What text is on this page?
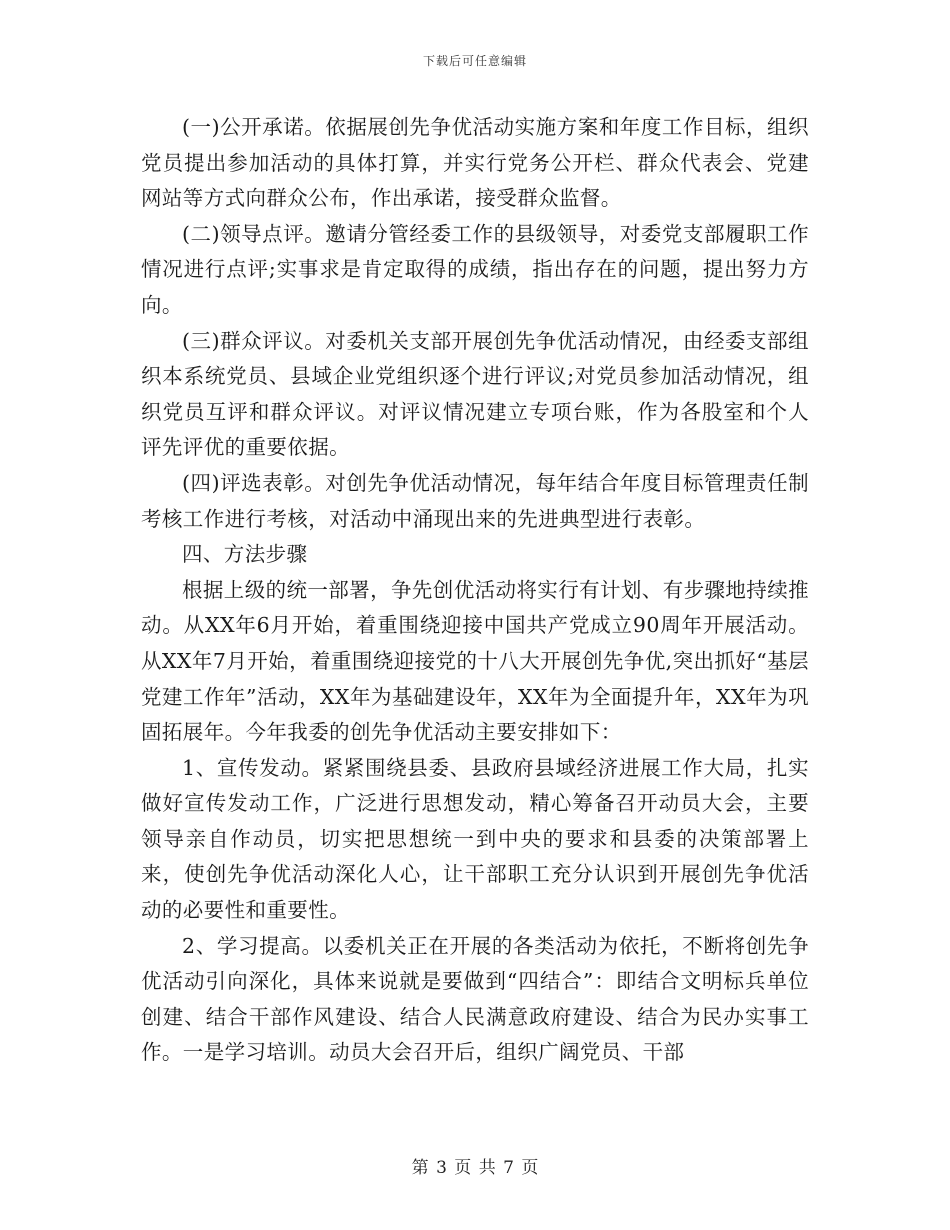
下载后可任意编辑

(一)公开承诺。依据展创先争优活动实施方案和年度工作目标，组织党员提出参加活动的具体打算，并实行党务公开栏、群众代表会、党建网站等方式向群众公布，作出承诺，接受群众监督。

(二)领导点评。邀请分管经委工作的县级领导，对委党支部履职工作情况进行点评;实事求是肯定取得的成绩，指出存在的问题，提出努力方向。

(三)群众评议。对委机关支部开展创先争优活动情况，由经委支部组织本系统党员、县域企业党组织逐个进行评议;对党员参加活动情况，组织党员互评和群众评议。对评议情况建立专项台账，作为各股室和个人评先评优的重要依据。

(四)评选表彰。对创先争优活动情况，每年结合年度目标管理责任制考核工作进行考核，对活动中涌现出来的先进典型进行表彰。

四、方法步骤

根据上级的统一部署，争先创优活动将实行有计划、有步骤地持续推动。从XX年6月开始，着重围绕迎接中国共产党成立90周年开展活动。从XX年7月开始，着重围绕迎接党的十八大开展创先争优,突出抓好“基层党建工作年”活动，XX年为基础建设年，XX年为全面提升年，XX年为巩固拓展年。今年我委的创先争优活动主要安排如下：

1、宣传发动。紧紧围绕县委、县政府县域经济进展工作大局，扎实做好宣传发动工作，广泛进行思想发动，精心筹备召开动员大会，主要领导亲自作动员，切实把思想统一到中央的要求和县委的决策部署上来，使创先争优活动深化人心，让干部职工充分认识到开展创先争优活动的必要性和重要性。

2、学习提高。以委机关正在开展的各类活动为依托，不断将创先争优活动引向深化，具体来说就是要做到“四结合”：即结合文明标兵单位创建、结合干部作风建设、结合人民满意政府建设、结合为民办实事工作。一是学习培训。动员大会召开后，组织广阔党员、干部

第 3 页 共 7 页
